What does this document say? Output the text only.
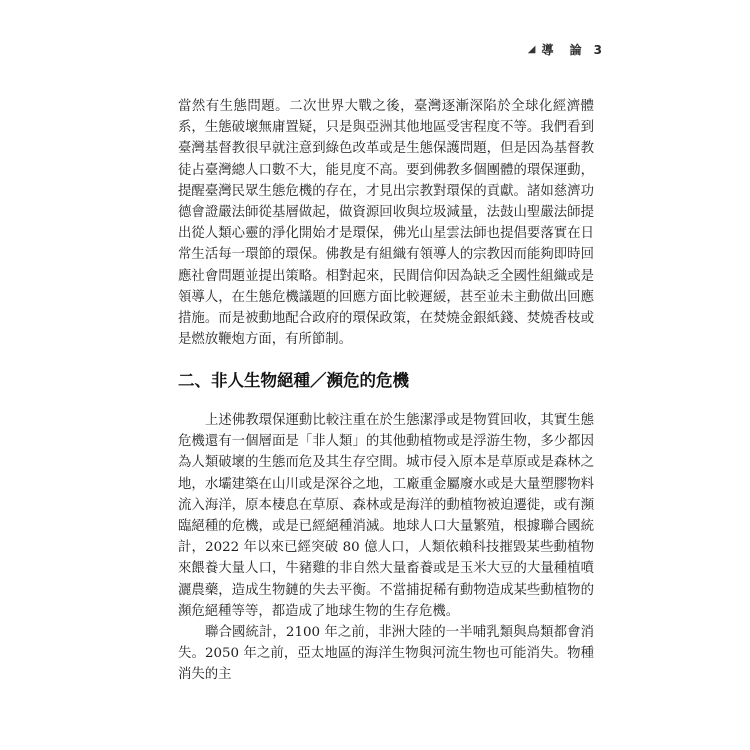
◢ 導 論 3

當然有生態問題。二次世界大戰之後，臺灣逐漸深陷於全球化經濟體系，生態破壞無庸置疑，只是與亞洲其他地區受害程度不等。我們看到臺灣基督教很早就注意到綠色改革或是生態保護問題，但是因為基督教徒占臺灣總人口數不大，能見度不高。要到佛教多個團體的環保運動，提醒臺灣民眾生態危機的存在，才見出宗教對環保的貢獻。諸如慈濟功德會證嚴法師從基層做起，做資源回收與垃圾減量，法鼓山聖嚴法師提出從人類心靈的淨化開始才是環保，佛光山星雲法師也提倡要落實在日常生活每一環節的環保。佛教是有組織有領導人的宗教因而能夠即時回應社會問題並提出策略。相對起來，民間信仰因為缺乏全國性組織或是領導人，在生態危機議題的回應方面比較遲緩，甚至並未主動做出回應措施。而是被動地配合政府的環保政策，在焚燒金銀紙錢、焚燒香枝或是燃放鞭炮方面，有所節制。

二、非人生物絕種／瀕危的危機

上述佛教環保運動比較注重在於生態潔淨或是物質回收，其實生態危機還有一個層面是「非人類」的其他動植物或是浮游生物，多少都因為人類破壞的生態而危及其生存空間。城市侵入原本是草原或是森林之地，水壩建築在山川或是深谷之地，工廠重金屬廢水或是大量塑膠物料流入海洋，原本棲息在草原、森林或是海洋的動植物被迫遷徙，或有瀕臨絕種的危機，或是已經絕種消滅。地球人口大量繁殖，根據聯合國統計，2022 年以來已經突破 80 億人口，人類依賴科技摧毀某些動植物來餵養大量人口，牛豬雞的非自然大量畜養或是玉米大豆的大量種植噴灑農藥，造成生物鏈的失去平衡。不當捕捉稀有動物造成某些動植物的瀕危絕種等等，都造成了地球生物的生存危機。

聯合國統計，2100 年之前，非洲大陸的一半哺乳類與鳥類都會消失。2050 年之前，亞太地區的海洋生物與河流生物也可能消失。物種消失的主
